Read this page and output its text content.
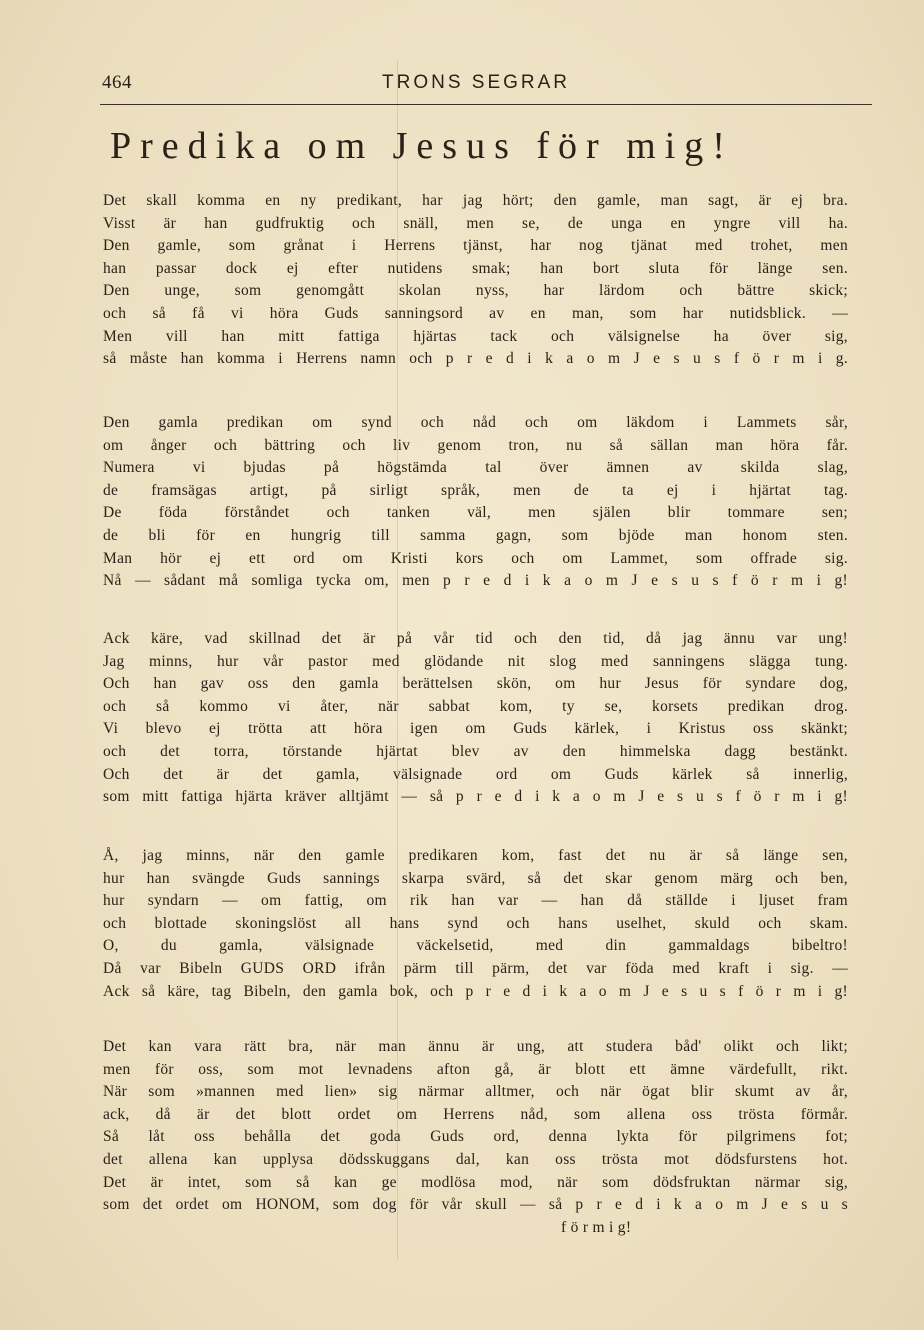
464	TRONS SEGRAR
Predika om Jesus för mig!
Det skall komma en ny predikant, har jag hört; den gamle, man sagt, är ej bra.
Visst är han gudfruktig och snäll, men se, de unga en yngre vill ha.
Den gamle, som grånat i Herrens tjänst, har nog tjänat med trohet, men
han passar dock ej efter nutidens smak; han bort sluta för länge sen.
Den unge, som genomgått skolan nyss, har lärdom och bättre skick;
och så få vi höra Guds sanningsord av en man, som har nutidsblick. —
Men vill han mitt fattiga hjärtas tack och välsignelse ha över sig,
så måste han komma i Herrens namn och p r e d i k a o m J e s u s f ö r m i g.
Den gamla predikan om synd och nåd och om läkdom i Lammets sår,
om ånger och bättring och liv genom tron, nu så sällan man höra får.
Numera vi bjudas på högstämda tal över ämnen av skilda slag,
de framsägas artigt, på sirligt språk, men de ta ej i hjärtat tag.
De föda förståndet och tanken väl, men själen blir tommare sen;
de bli för en hungrig till samma gagn, som bjöde man honom sten.
Man hör ej ett ord om Kristi kors och om Lammet, som offrade sig.
Nå — sådant må somliga tycka om, men p r e d i k a o m J e s u s f ö r m i g!
Ack käre, vad skillnad det är på vår tid och den tid, då jag ännu var ung!
Jag minns, hur vår pastor med glödande nit slog med sanningens slägga tung.
Och han gav oss den gamla berättelsen skön, om hur Jesus för syndare dog,
och så kommo vi åter, när sabbat kom, ty se, korsets predikan drog.
Vi blevo ej trötta att höra igen om Guds kärlek, i Kristus oss skänkt;
och det torra, törstande hjärtat blev av den himmelska dagg bestänkt.
Och det är det gamla, välsignade ord om Guds kärlek så innerlig,
som mitt fattiga hjärta kräver alltjämt — så p r e d i k a o m J e s u s f ö r m i g!
Å, jag minns, när den gamle predikaren kom, fast det nu är så länge sen,
hur han svängde Guds sannings skarpa svärd, så det skar genom märg och ben,
hur syndarn — om fattig, om rik han var — han då ställde i ljuset fram
och blottade skoningslöst all hans synd och hans uselhet, skuld och skam.
O, du gamla, välsignade väckelsetid, med din gammaldags bibeltro!
Då var Bibeln GUDS ORD ifrån pärm till pärm, det var föda med kraft i sig. —
Ack så käre, tag Bibeln, den gamla bok, och p r e d i k a o m J e s u s f ö r m i g!
Det kan vara rätt bra, när man ännu är ung, att studera båd' olikt och likt;
men för oss, som mot levnadens afton gå, är blott ett ämne värdefullt, rikt.
När som »mannen med lien» sig närmar alltmer, och när ögat blir skumt av år,
ack, då är det blott ordet om Herrens nåd, som allena oss trösta förmår.
Så låt oss behålla det goda Guds ord, denna lykta för pilgrimens fot;
det allena kan upplysa dödsskuggans dal, kan oss trösta mot dödsfurstens hot.
Det är intet, som så kan ge modlösa mod, när som dödsfruktan närmar sig,
som det ordet om HONOM, som dog för vår skull — så p r e d i k a o m J e s u s
f ö r m i g!
